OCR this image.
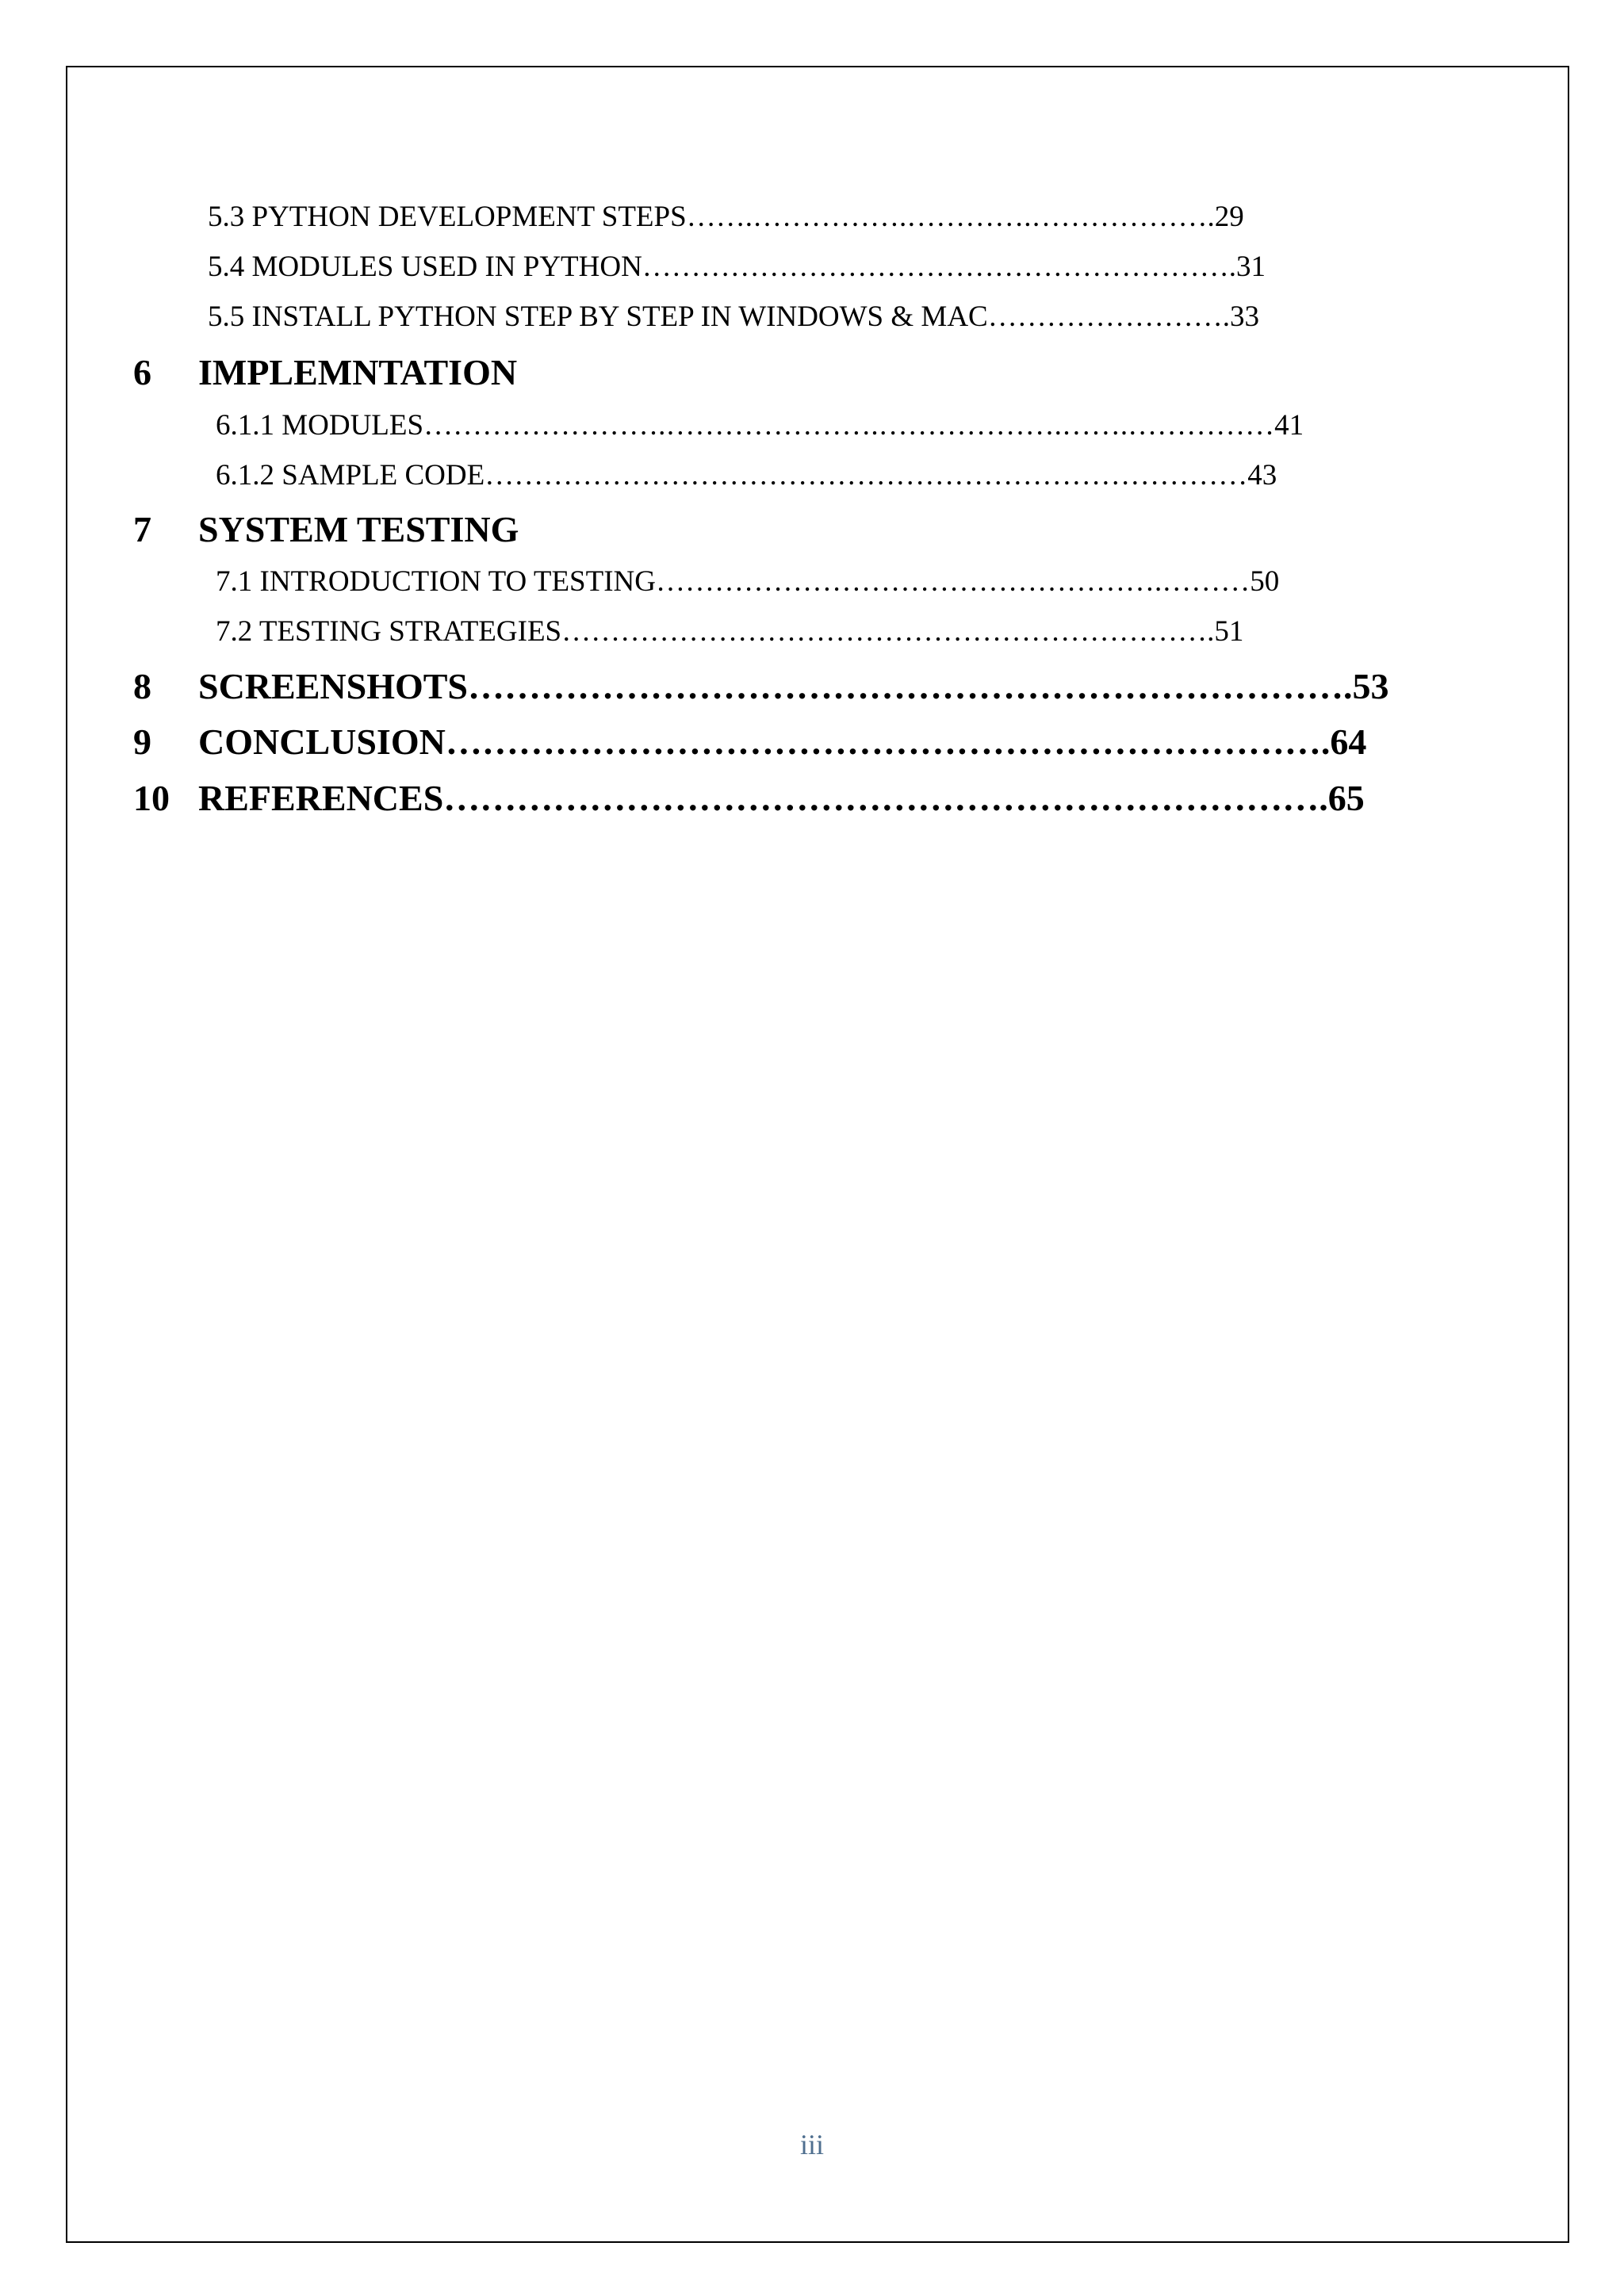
5.3 PYTHON DEVELOPMENT STEPS…….…………….………….……………….29
5.4 MODULES USED IN PYTHON…………………………………………………….31
5.5 INSTALL PYTHON STEP BY STEP IN WINDOWS & MAC…………………….33
6 IMPLEMNTATION
6.1.1 MODULES…………………….………………….……………….…….……………41
6.1.2 SAMPLE CODE……………………………………………………………………43
7 SYSTEM TESTING
7.1 INTRODUCTION TO TESTING…………………………………………….………50
7.2 TESTING STRATEGIES………………………………………………………….51
8 SCREENSHOTS……………………………………………………………….53
9 CONCLUSION……………………………………………………………….64
10 REFERENCES……………………………………………………………….65
iii
